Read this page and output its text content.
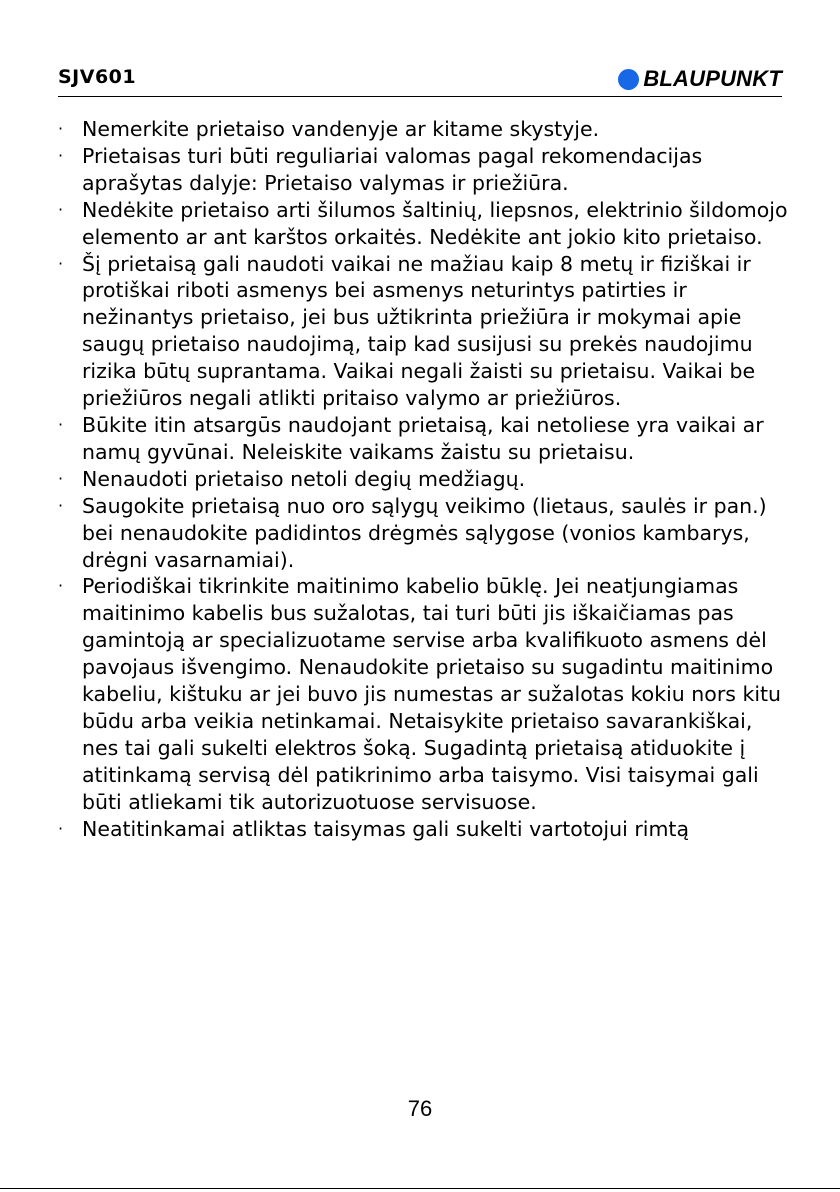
SJV601	BLAUPUNKT
· Nemerkite prietaiso vandenyje ar kitame skystyje.
· Prietaisas turi būti reguliariai valomas pagal rekomendacijas aprašytas dalyje: Prietaiso valymas ir priežiūra.
· Nedėkite prietaiso arti šilumos šaltinių, liepsnos, elektrinio šildomojo elemento ar ant karštos orkaitės. Nedėkite ant jokio kito prietaiso.
· Šį prietaisą gali naudoti vaikai ne mažiau kaip 8 metų ir fiziškai ir protiškai riboti asmenys bei asmenys neturintys patirties ir nežinantys prietaiso, jei bus užtikrinta priežiūra ir mokymai apie saugų prietaiso naudojimą, taip kad susijusi su prekės naudojimu rizika būtų suprantama. Vaikai negali žaisti su prietaisu. Vaikai be priežiūros negali atlikti pritaiso valymo ar priežiūros.
· Būkite itin atsargūs naudojant prietaisą, kai netoliese yra vaikai ar namų gyvūnai. Neleiskite vaikams žaistu su prietaisu.
· Nenaudoti prietaiso netoli degių medžiagų.
· Saugokite prietaisą nuo oro sąlygų veikimo (lietaus, saulės ir pan.) bei nenaudokite padidintos drėgmės sąlygose (vonios kambarys, drėgni vasarnamiai).
· Periodiškai tikrinkite maitinimo kabelio būklę. Jei neatjungiamas maitinimo kabelis bus sužalotas, tai turi būti jis iškaičiamas pas gamintoją ar specializuotame servise arba kvalifikuoto asmens dėl pavojaus išvengimo. Nenaudokite prietaiso su sugadintu maitinimo kabeliu, kištuku ar jei buvo jis numestas ar sužalotas kokiu nors kitu būdu arba veikia netinkamai. Netaisykite prietaiso savarankiškai, nes tai gali sukelti elektros šoką. Sugadintą prietaisą atiduokite į atitinkamą servisą dėl patikrinimo arba taisymo. Visi taisymai gali būti atliekami tik autorizuotuose servisuose.
· Neatitinkamai atliktas taisymas gali sukelti vartotojui rimtą
76
